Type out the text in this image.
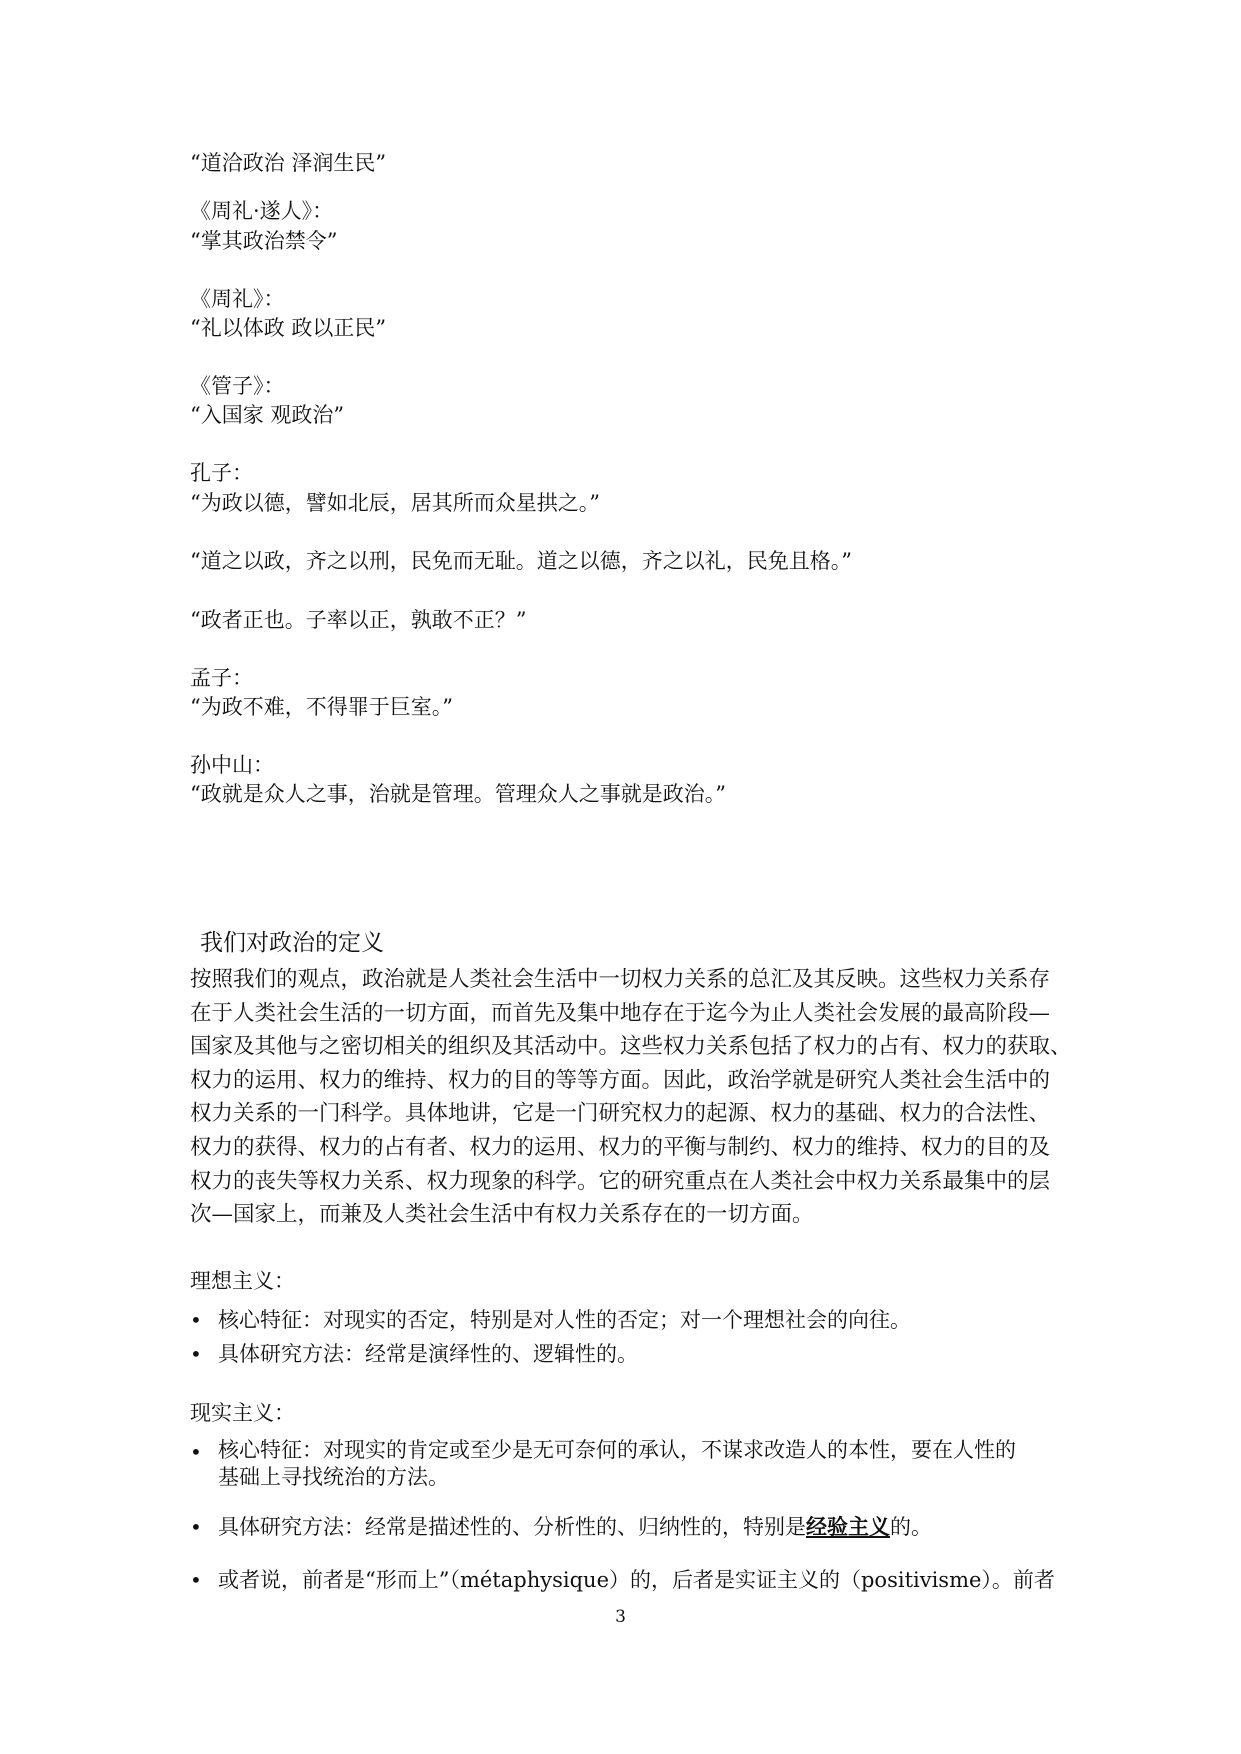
“道洽政治 泽润生民”
《周礼·遂人》：
“掌其政治禁令”
《周礼》：
“礼以体政 政以正民”
《管子》：
“入国家 观政治”
孔子：
“为政以德，譬如北辰，居其所而众星拱之。”
“道之以政，齐之以刑，民免而无耻。道之以德，齐之以礼，民免且格。”
“政者正也。子率以正，孰敢不正？”
孟子：
“为政不难，不得罪于巨室。”
孙中山：
“政就是众人之事，治就是管理。管理众人之事就是政治。”
我们对政治的定义
按照我们的观点，政治就是人类社会生活中一切权力关系的总汇及其反映。这些权力关系存
在于人类社会生活的一切方面，而首先及集中地存在于迄今为止人类社会发展的最高阶段—
国家及其他与之密切相关的组织及其活动中。这些权力关系包括了权力的占有、权力的获取、
权力的运用、权力的维持、权力的目的等等方面。因此，政治学就是研究人类社会生活中的
权力关系的一门科学。具体地讲，它是一门研究权力的起源、权力的基础、权力的合法性、
权力的获得、权力的占有者、权力的运用、权力的平衡与制约、权力的维持、权力的目的及
权力的丧失等权力关系、权力现象的科学。它的研究重点在人类社会中权力关系最集中的层
次—国家上，而兼及人类社会生活中有权力关系存在的一切方面。
理想主义：
• 核心特征：对现实的否定，特别是对人性的否定；对一个理想社会的向往。
• 具体研究方法：经常是演绎性的、逻辑性的。
现实主义：
• 核心特征：对现实的肯定或至少是无可奈何的承认，不谋求改造人的本性，要在人性的
基础上寻找统治的方法。
• 具体研究方法：经常是描述性的、分析性的、归纳性的，特别是经验主义的。
• 或者说，前者是“形而上”（métaphysique）的，后者是实证主义的（positivisme）。前者
3
